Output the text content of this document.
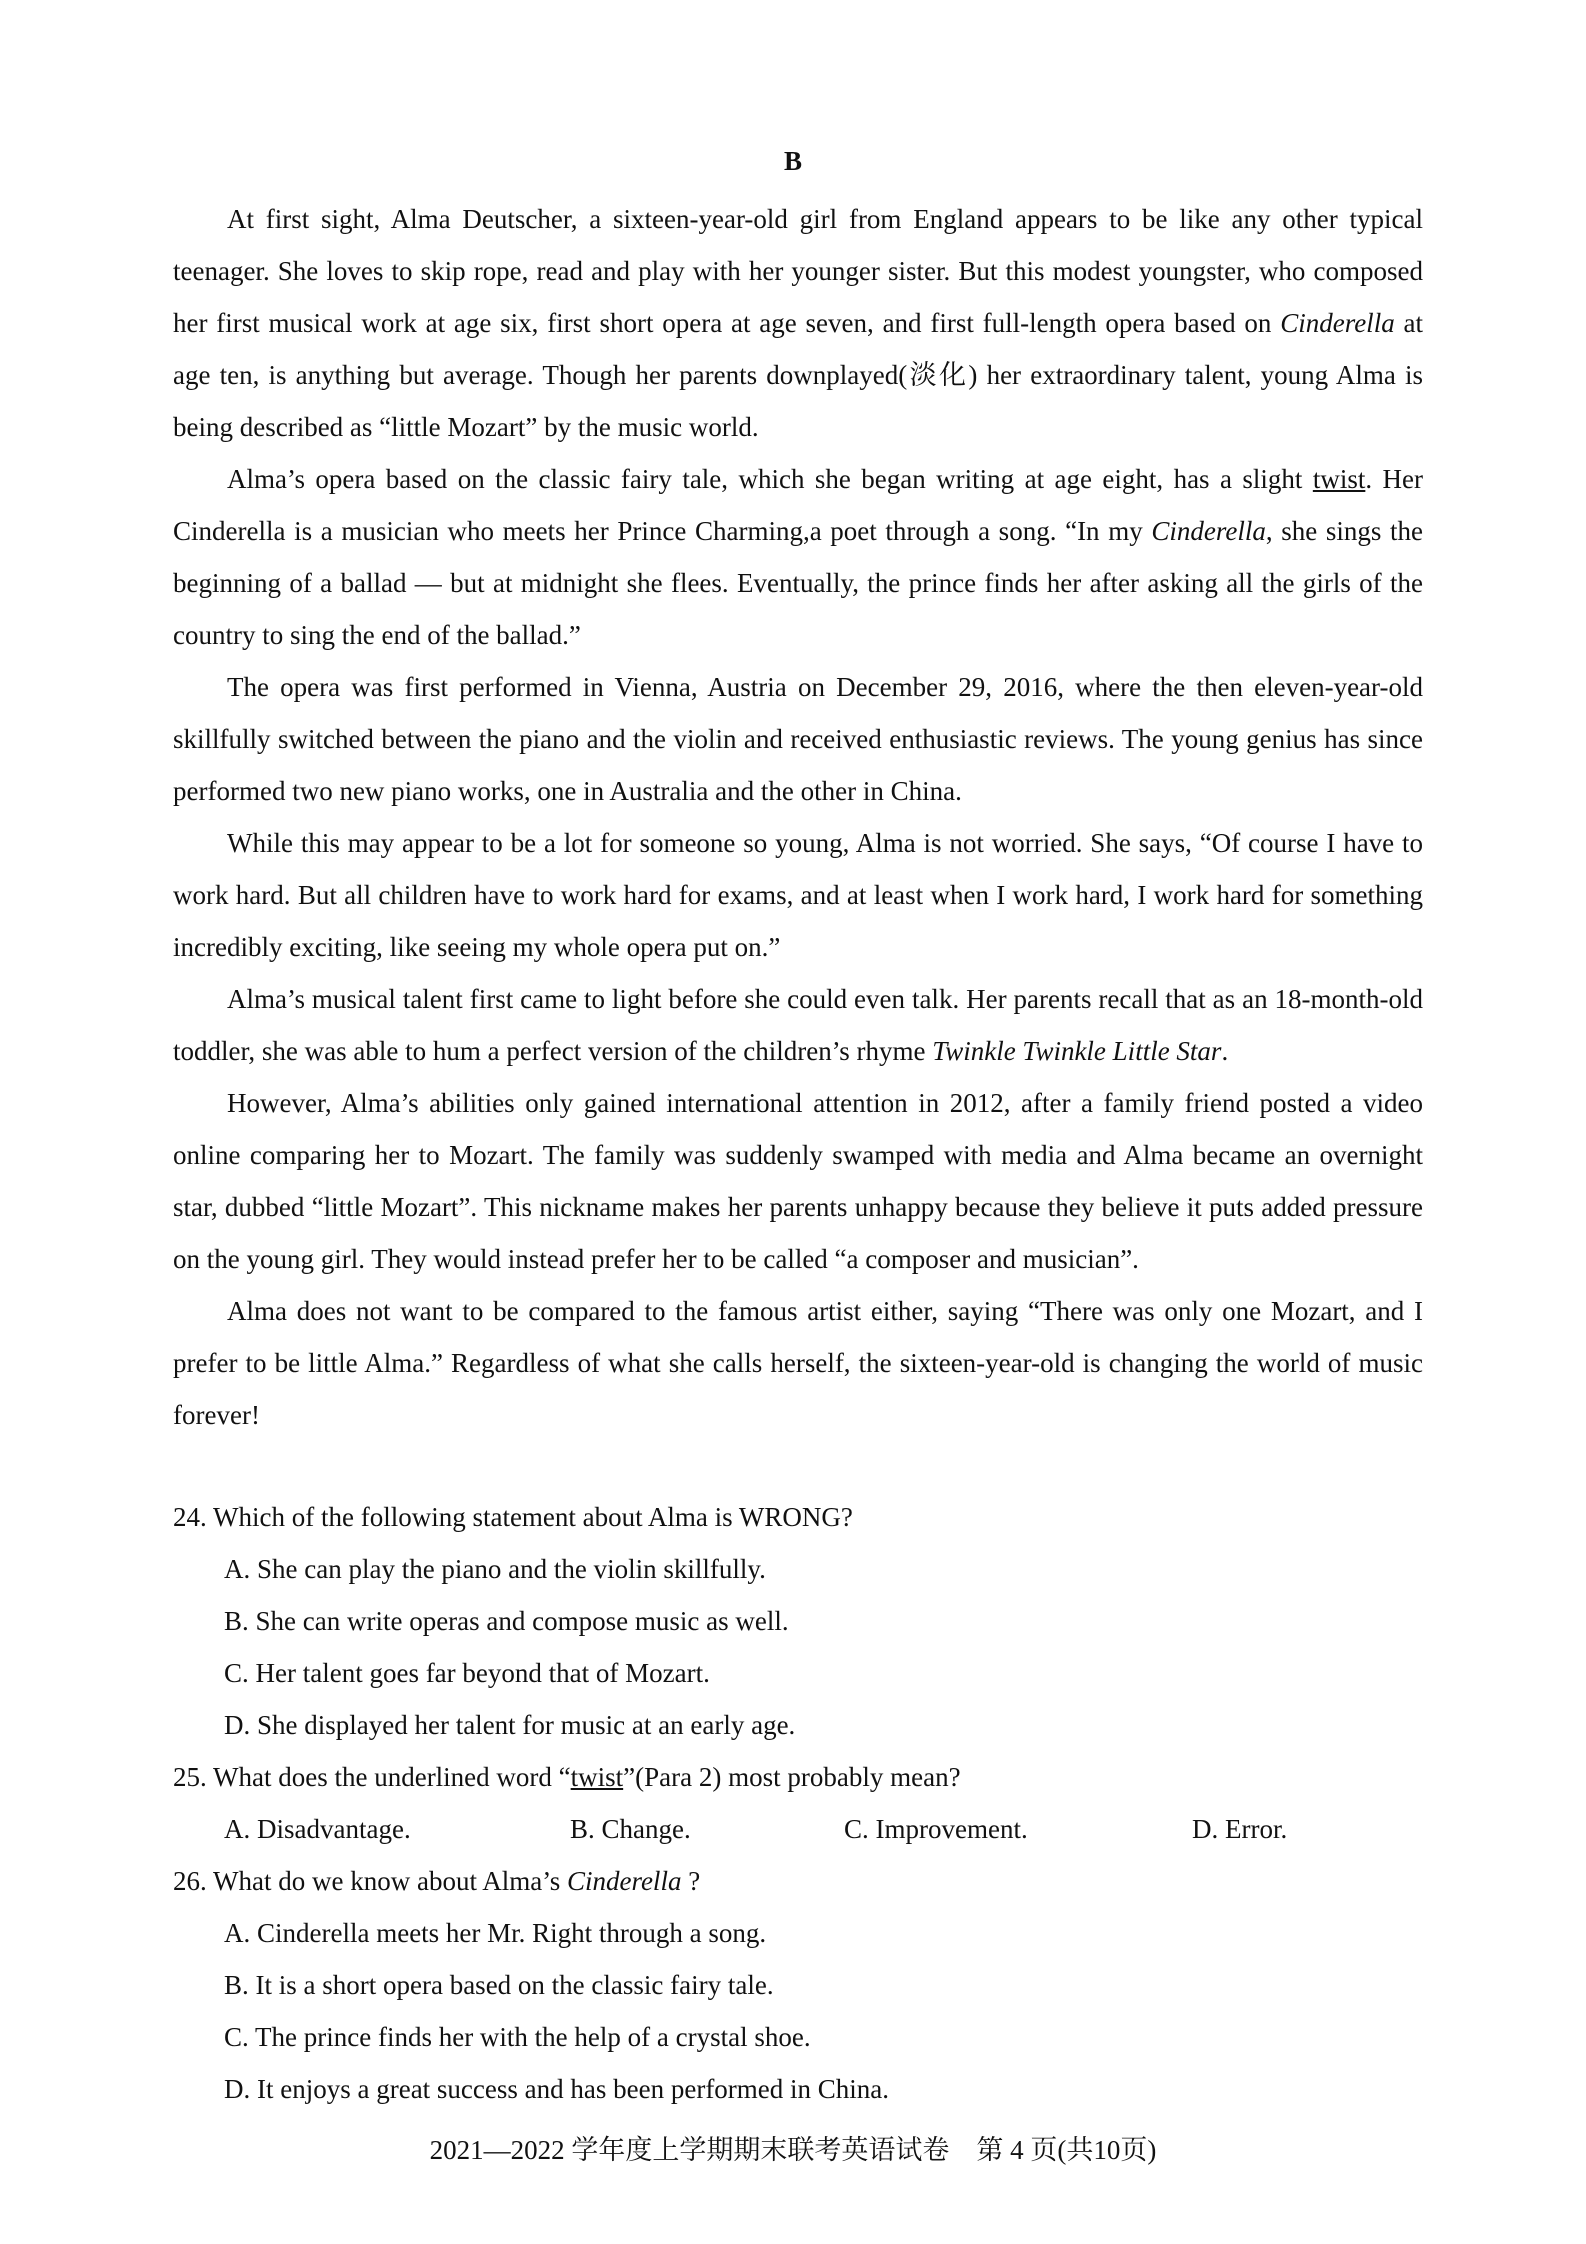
B

At first sight, Alma Deutscher, a sixteen-year-old girl from England appears to be like any other typical teenager. She loves to skip rope, read and play with her younger sister. But this modest youngster, who composed her first musical work at age six, first short opera at age seven, and first full-length opera based on Cinderella at age ten, is anything but average. Though her parents downplayed(淡化) her extraordinary talent, young Alma is being described as “little Mozart” by the music world.

Alma’s opera based on the classic fairy tale, which she began writing at age eight, has a slight twist. Her Cinderella is a musician who meets her Prince Charming,a poet through a song. “In my Cinderella, she sings the beginning of a ballad — but at midnight she flees. Eventually, the prince finds her after asking all the girls of the country to sing the end of the ballad.”

The opera was first performed in Vienna, Austria on December 29, 2016, where the then eleven-year-old skillfully switched between the piano and the violin and received enthusiastic reviews. The young genius has since performed two new piano works, one in Australia and the other in China.

While this may appear to be a lot for someone so young, Alma is not worried. She says, “Of course I have to work hard. But all children have to work hard for exams, and at least when I work hard, I work hard for something incredibly exciting, like seeing my whole opera put on.”

Alma’s musical talent first came to light before she could even talk. Her parents recall that as an 18-month-old toddler, she was able to hum a perfect version of the children’s rhyme Twinkle Twinkle Little Star.

However, Alma’s abilities only gained international attention in 2012, after a family friend posted a video online comparing her to Mozart. The family was suddenly swamped with media and Alma became an overnight star, dubbed “little Mozart”. This nickname makes her parents unhappy because they believe it puts added pressure on the young girl. They would instead prefer her to be called “a composer and musician”.

Alma does not want to be compared to the famous artist either, saying “There was only one Mozart, and I prefer to be little Alma.” Regardless of what she calls herself, the sixteen-year-old is changing the world of music forever!

24. Which of the following statement about Alma is WRONG?

A. She can play the piano and the violin skillfully.

B. She can write operas and compose music as well.

C. Her talent goes far beyond that of Mozart.

D. She displayed her talent for music at an early age.

25. What does the underlined word “twist”(Para 2) most probably mean?

A. Disadvantage.	B. Change.	C. Improvement.	D. Error.

26. What do we know about Alma’s Cinderella ?

A. Cinderella meets her Mr. Right through a song.

B. It is a short opera based on the classic fairy tale.

C. The prince finds her with the help of a crystal shoe.

D. It enjoys a great success and has been performed in China.

2021—2022 学年度上学期期末联考英语试卷　第 4 页(共10页)
